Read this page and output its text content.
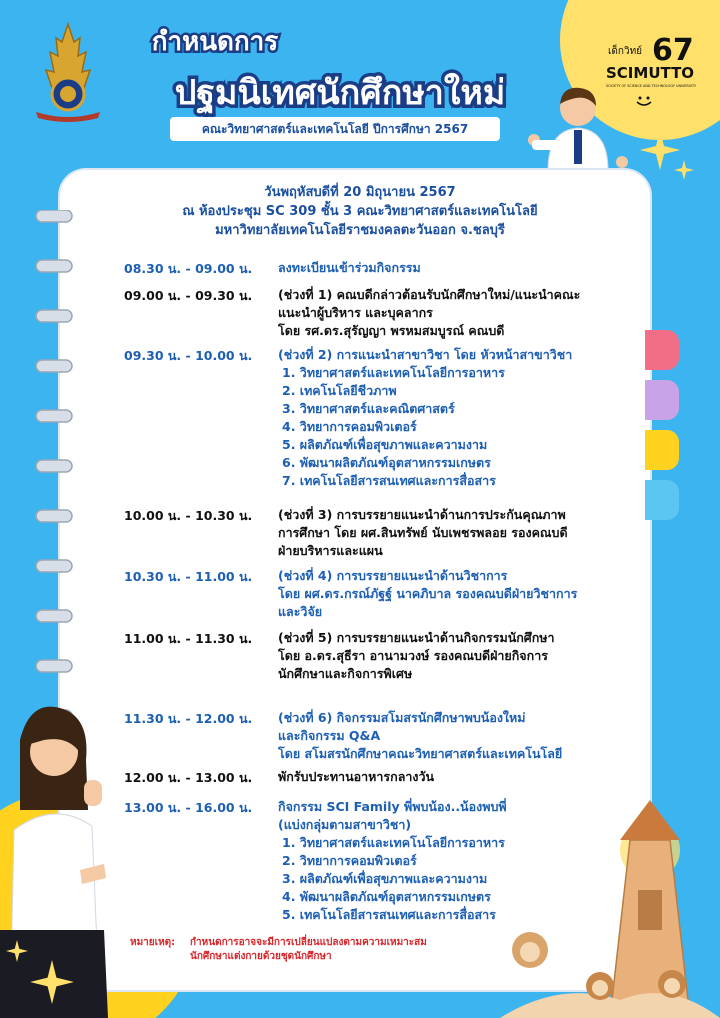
เด็กวิทย์ 67
SCIMUTTO
SOCIETY OF SCIENCE AND TECHNOLOGY UNIVERSITY
กำหนดการ
ปฐมนิเทศนักศึกษาใหม่
คณะวิทยาศาสตร์และเทคโนโลยี ปีการศึกษา 2567
วันพฤหัสบดีที่ 20 มิถุนายน 2567
ณ ห้องประชุม SC 309 ชั้น 3 คณะวิทยาศาสตร์และเทคโนโลยี
มหาวิทยาลัยเทคโนโลยีราชมงคลตะวันออก จ.ชลบุรี
08.30 น. - 09.00 น.	ลงทะเบียนเข้าร่วมกิจกรรม
09.00 น. - 09.30 น.	(ช่วงที่ 1) คณบดีกล่าวต้อนรับนักศึกษาใหม่/แนะนำคณะ
แนะนำผู้บริหาร และบุคลากร
โดย รศ.ดร.สุรัญญา พรหมสมบูรณ์ คณบดี
09.30 น. - 10.00 น.	(ช่วงที่ 2) การแนะนำสาขาวิชา โดย หัวหน้าสาขาวิชา
1. วิทยาศาสตร์และเทคโนโลยีการอาหาร
2. เทคโนโลยีชีวภาพ
3. วิทยาศาสตร์และคณิตศาสตร์
4. วิทยาการคอมพิวเตอร์
5. ผลิตภัณฑ์เพื่อสุขภาพและความงาม
6. พัฒนาผลิตภัณฑ์อุตสาหกรรมเกษตร
7. เทคโนโลยีสารสนเทศและการสื่อสาร
10.00 น. - 10.30 น.	(ช่วงที่ 3) การบรรยายแนะนำด้านการประกันคุณภาพ
การศึกษา โดย ผศ.สินทรัพย์ นับเพชรพลอย รองคณบดี
ฝ่ายบริหารและแผน
10.30 น. - 11.00 น.	(ช่วงที่ 4) การบรรยายแนะนำด้านวิชาการ
โดย ผศ.ดร.กรณ์ภัฐฐ์ นาคภิบาล รองคณบดีฝ่ายวิชาการ
และวิจัย
11.00 น. - 11.30 น.	(ช่วงที่ 5) การบรรยายแนะนำด้านกิจกรรมนักศึกษา
โดย อ.ดร.สุธีรา อานามวงษ์ รองคณบดีฝ่ายกิจการ
นักศึกษาและกิจการพิเศษ
11.30 น. - 12.00 น.	(ช่วงที่ 6) กิจกรรมสโมสรนักศึกษาพบน้องใหม่
และกิจกรรม Q&A
โดย สโมสรนักศึกษาคณะวิทยาศาสตร์และเทคโนโลยี
12.00 น. - 13.00 น.	พักรับประทานอาหารกลางวัน
13.00 น. - 16.00 น.	กิจกรรม SCI Family พี่พบน้อง..น้องพบพี่
(แบ่งกลุ่มตามสาขาวิชา)
1. วิทยาศาสตร์และเทคโนโลยีการอาหาร
2. วิทยาการคอมพิวเตอร์
3. ผลิตภัณฑ์เพื่อสุขภาพและความงาม
4. พัฒนาผลิตภัณฑ์อุตสาหกรรมเกษตร
5. เทคโนโลยีสารสนเทศและการสื่อสาร
หมายเหตุ: กำหนดการอาจจะมีการเปลี่ยนแปลงตามความเหมาะสม
นักศึกษาแต่งกายด้วยชุดนักศึกษา
